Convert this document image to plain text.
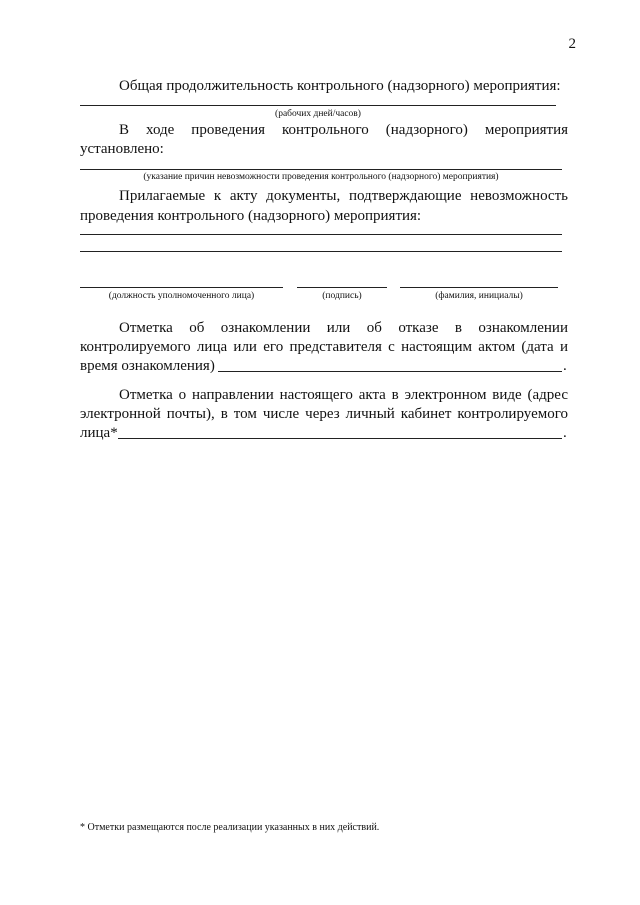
2
Общая продолжительность контрольного (надзорного) мероприятия:
(рабочих дней/часов)
В ходе проведения контрольного (надзорного) мероприятия
установлено:
(указание причин невозможности проведения контрольного (надзорного) мероприятия)
Прилагаемые к акту документы, подтверждающие невозможность
проведения контрольного (надзорного) мероприятия:
(должность уполномоченного лица)	(подпись)	(фамилия, инициалы)
Отметка об ознакомлении или об отказе в ознакомлении
контролируемого лица или его представителя с настоящим актом (дата и
время ознакомления)	.
Отметка о направлении настоящего акта в электронном виде (адрес
электронной почты), в том числе через личный кабинет контролируемого
лица*	.
* Отметки размещаются после реализации указанных в них действий.
